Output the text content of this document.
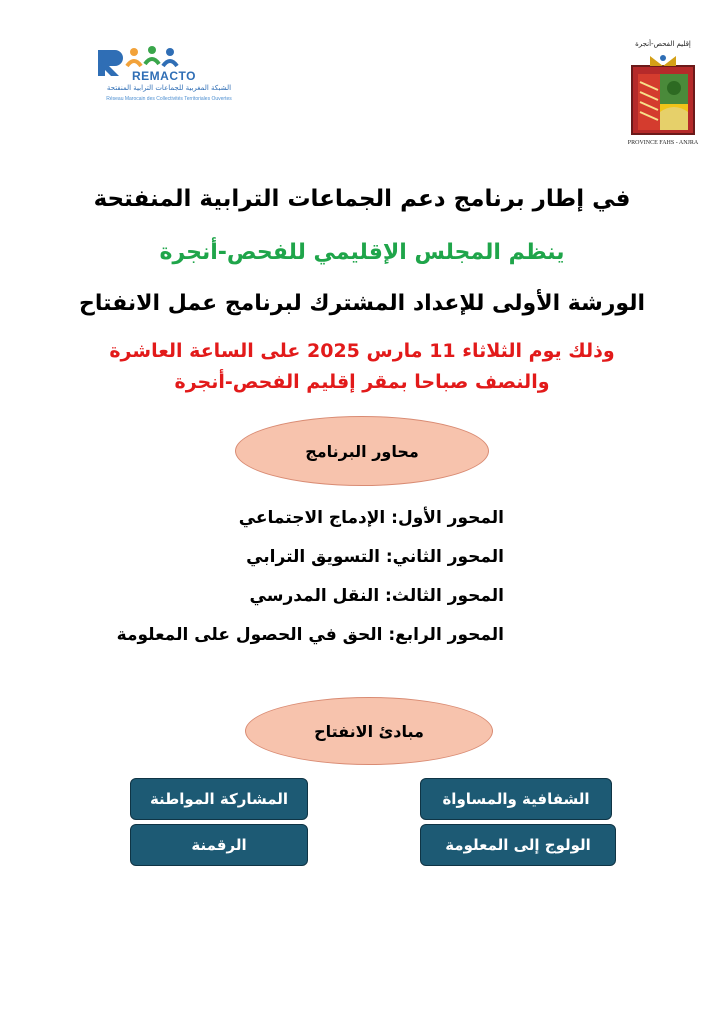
REMACTO
الشبكة المغربية للجماعات الترابية المنفتحة
Réseau Marocain des Collectivités Territoriales Ouvertes
إقليم الفحص-أنجرة
PROVINCE FAHS - ANJRA
في إطار برنامج دعم الجماعات الترابية المنفتحة
ينظم المجلس الإقليمي للفحص-أنجرة
الورشة الأولى للإعداد المشترك لبرنامج عمل الانفتاح
وذلك يوم الثلاثاء 11 مارس 2025 على الساعة العاشرة
والنصف صباحا بمقر إقليم الفحص-أنجرة
محاور البرنامج
المحور الأول: الإدماج الاجتماعي
المحور الثاني: التسويق الترابي
المحور الثالث: النقل المدرسي
المحور الرابع: الحق في الحصول على المعلومة
مبادئ الانفتاح
الشفافية والمساواة
المشاركة المواطنة
الولوج إلى المعلومة
الرقمنة
